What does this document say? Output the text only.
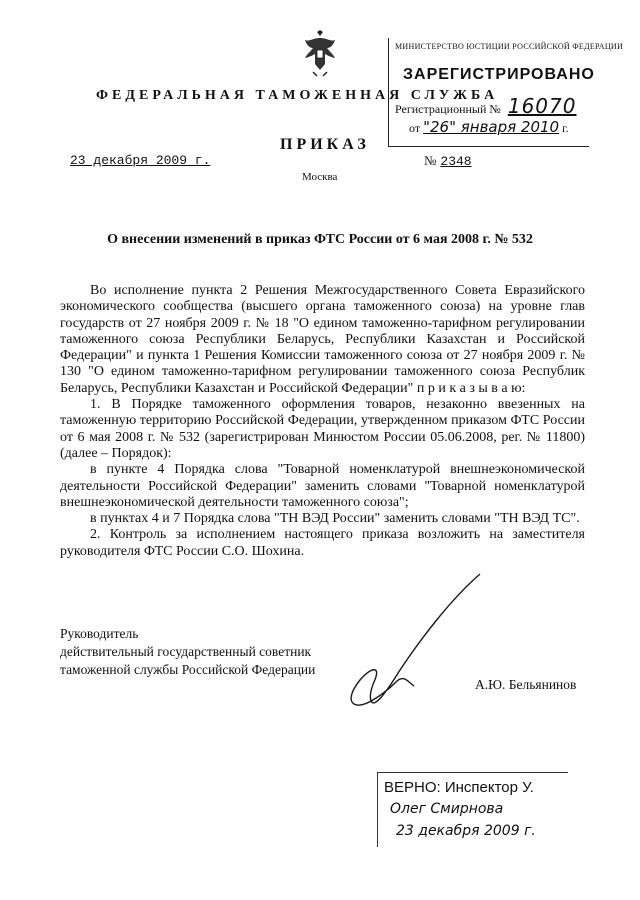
ФЕДЕРАЛЬНАЯ ТАМОЖЕННАЯ СЛУЖБА
МИНИСТЕРСТВО ЮСТИЦИИ РОССИЙСКОЙ ФЕДЕРАЦИИ
ЗАРЕГИСТРИРОВАНО
Регистрационный № 16070
от "26" января 2010 г.
ПРИКАЗ
23 декабря 2009 г.	№ 2348
Москва
О внесении изменений в приказ ФТС России от 6 мая 2008 г. № 532

Во исполнение пункта 2 Решения Межгосударственного Совета Евразийского экономического сообщества (высшего органа таможенного союза) на уровне глав государств от 27 ноября 2009 г. № 18 "О едином таможенно-тарифном регулировании таможенного союза Республики Беларусь, Республики Казахстан и Российской Федерации" и пункта 1 Решения Комиссии таможенного союза от 27 ноября 2009 г. № 130 "О едином таможенно-тарифном регулировании таможенного союза Республик Беларусь, Республики Казахстан и Российской Федерации" п р и к а з ы в а ю:

1. В Порядке таможенного оформления товаров, незаконно ввезенных на таможенную территорию Российской Федерации, утвержденном приказом ФТС России от 6 мая 2008 г. № 532 (зарегистрирован Минюстом России 05.06.2008, рег. № 11800) (далее – Порядок):

в пункте 4 Порядка слова "Товарной номенклатурой внешнеэкономической деятельности Российской Федерации" заменить словами "Товарной номенклатурой внешнеэкономической деятельности таможенного союза";

в пунктах 4 и 7 Порядка слова "ТН ВЭД России" заменить словами "ТН ВЭД ТС".

2. Контроль за исполнением настоящего приказа возложить на заместителя руководителя ФТС России С.О. Шохина.

Руководитель
действительный государственный советник
таможенной службы Российской Федерации
А.Ю. Бельянинов
ВЕРНО: Инспектор У.
Олег Смирнова
23 декабря 2009 г.
